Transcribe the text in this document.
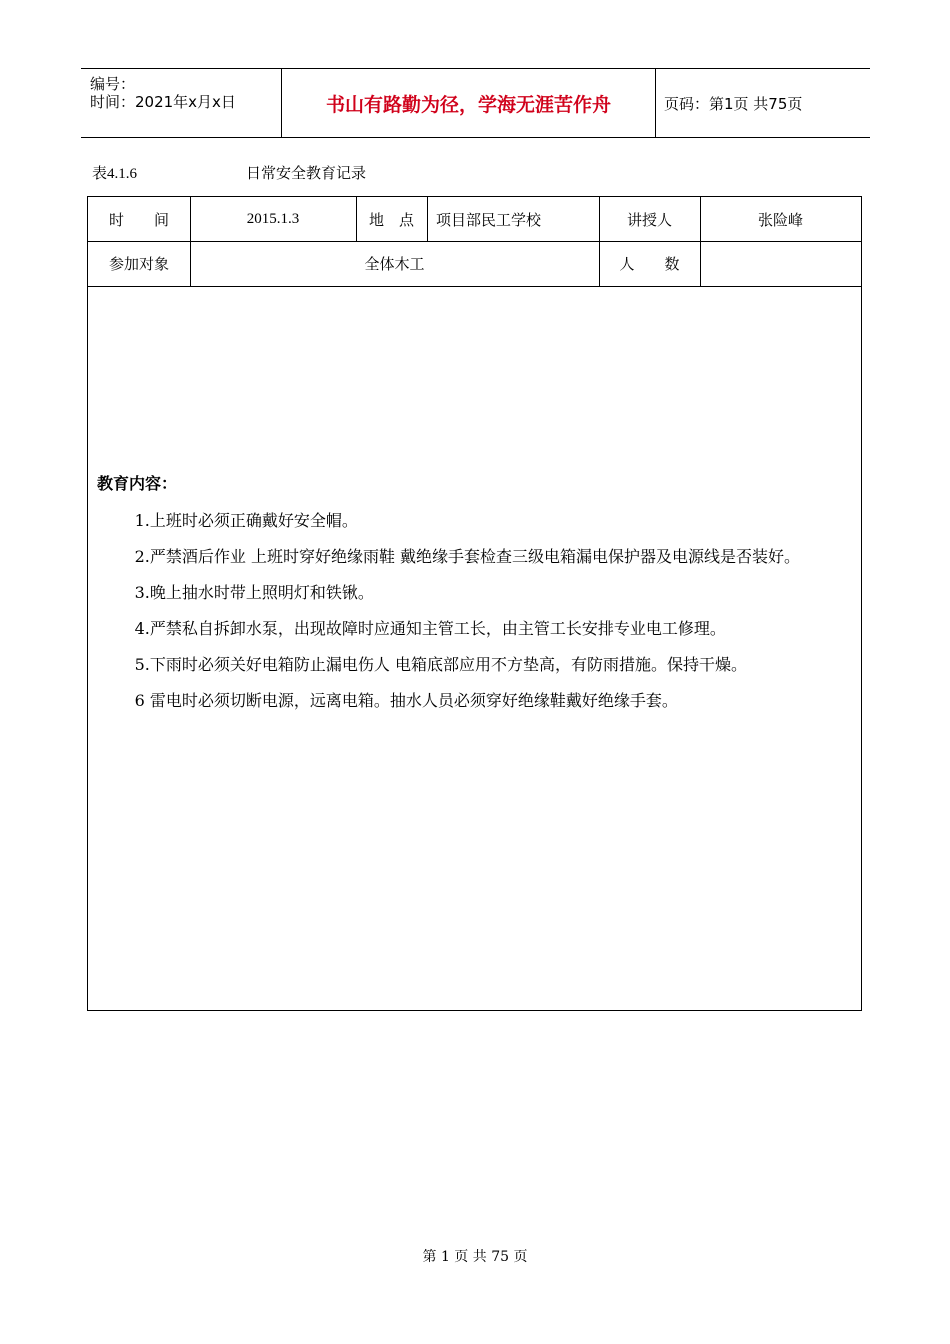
编号：
时间：2021年x月x日	书山有路勤为径，学海无涯苦作舟	页码：第1页 共75页
表4.1.6	日常安全教育记录
时　　间	2015.1.3	地　点	项目部民工学校	讲授人	张险峰
参加对象	全体木工	人　　数
教育内容：

1.上班时必须正确戴好安全帽。

2.严禁酒后作业 上班时穿好绝缘雨鞋 戴绝缘手套检查三级电箱漏电保护器及电源线是否装好。

3.晚上抽水时带上照明灯和铁锹。

4.严禁私自拆卸水泵，出现故障时应通知主管工长，由主管工长安排专业电工修理。

5.下雨时必须关好电箱防止漏电伤人 电箱底部应用不方垫高，有防雨措施。保持干燥。

6 雷电时必须切断电源，远离电箱。抽水人员必须穿好绝缘鞋戴好绝缘手套。

第 1 页 共 75 页
